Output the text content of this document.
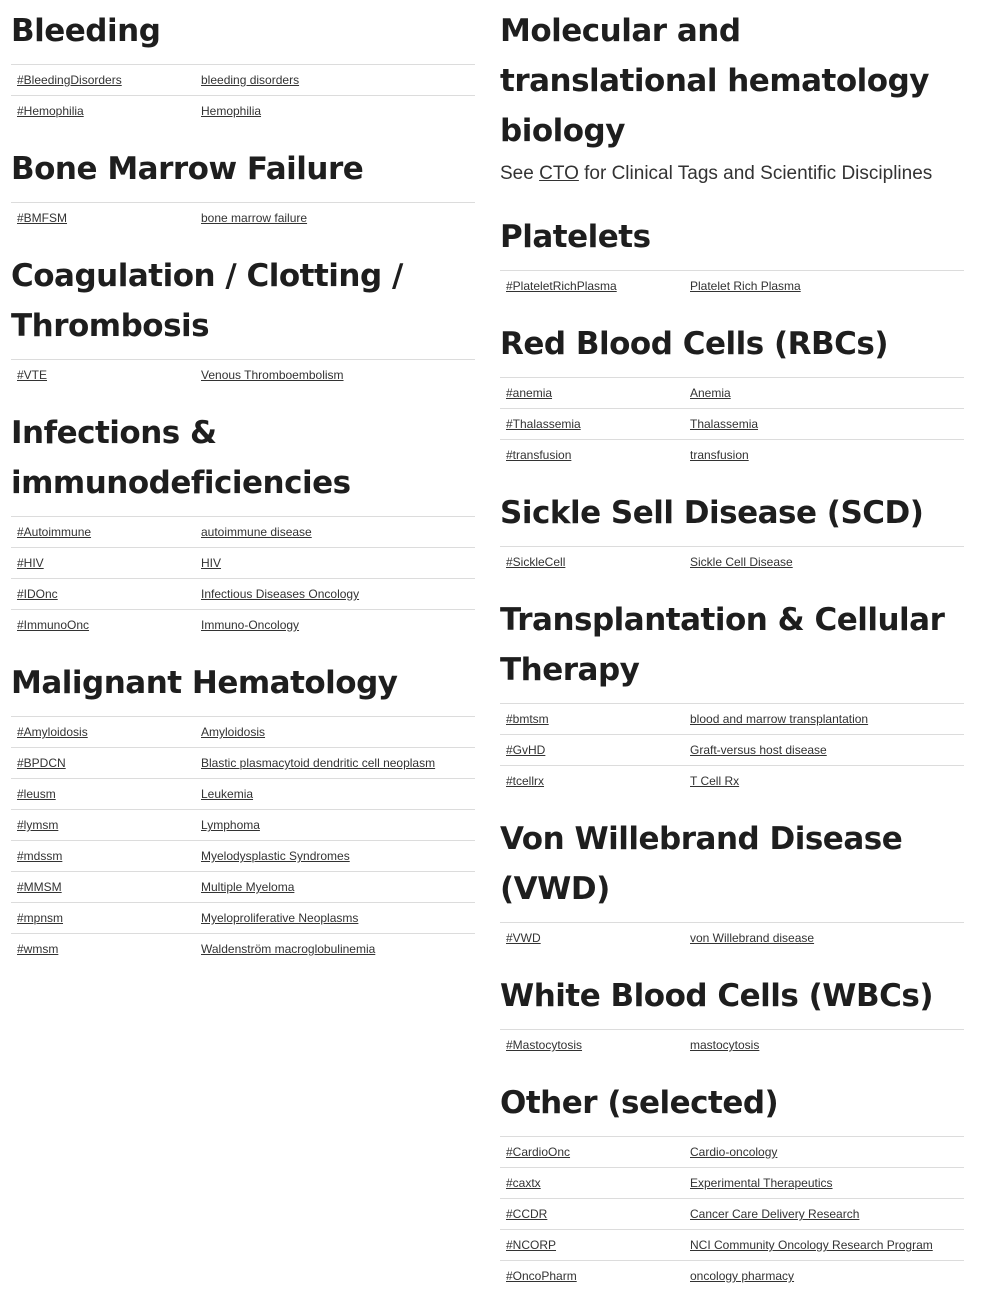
Bleeding
#BleedingDisorders	bleeding disorders
#Hemophilia	Hemophilia
Bone Marrow Failure
#BMFSM	bone marrow failure
Coagulation / Clotting / Thrombosis
#VTE	Venous Thromboembolism
Infections & immunodeficiencies
#Autoimmune	autoimmune disease
#HIV	HIV
#IDOnc	Infectious Diseases Oncology
#ImmunoOnc	Immuno-Oncology
Malignant Hematology
#Amyloidosis	Amyloidosis
#BPDCN	Blastic plasmacytoid dendritic cell neoplasm
#leusm	Leukemia
#lymsm	Lymphoma
#mdssm	Myelodysplastic Syndromes
#MMSM	Multiple Myeloma
#mpnsm	Myeloproliferative Neoplasms
#wmsm	Waldenström macroglobulinemia
Molecular and translational hematology biology

See CTO for Clinical Tags and Scientific Disciplines

Platelets
#PlateletRichPlasma	Platelet Rich Plasma
Red Blood Cells (RBCs)
#anemia	Anemia
#Thalassemia	Thalassemia
#transfusion	transfusion
Sickle Sell Disease (SCD)
#SickleCell	Sickle Cell Disease
Transplantation & Cellular Therapy
#bmtsm	blood and marrow transplantation
#GvHD	Graft-versus host disease
#tcellrx	T Cell Rx
Von Willebrand Disease (VWD)
#VWD	von Willebrand disease
White Blood Cells (WBCs)
#Mastocytosis	mastocytosis
Other (selected)
#CardioOnc	Cardio-oncology
#caxtx	Experimental Therapeutics
#CCDR	Cancer Care Delivery Research
#NCORP	NCI Community Oncology Research Program
#OncoPharm	oncology pharmacy
